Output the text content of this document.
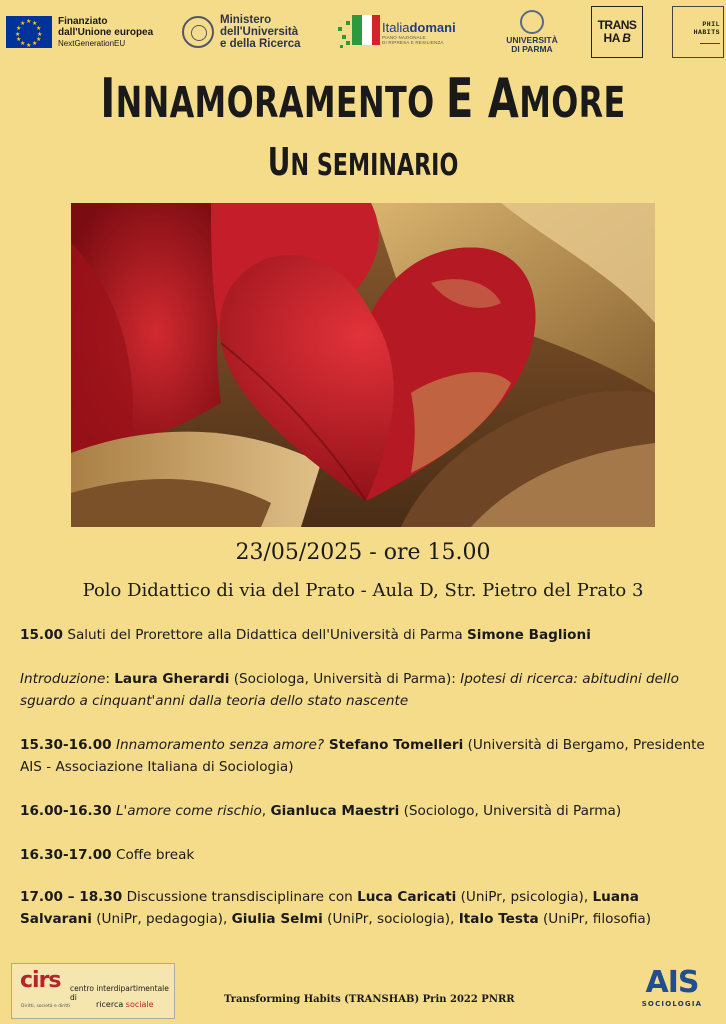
★ ★
★
★
★
★
★
★
★
★
★
★	Finanziato
dall'Unione europea
NextGenerationEU
Ministero
dell'Università
e della Ricerca
Italiadomani
PIANO NAZIONALE
DI RIPRESA E RESILIENZA	UNIVERSITÀ
DI PARMA
TRANS
HA B
PHIL
HABITS
INNAMORAMENTO E AMORE
UN SEMINARIO
23/05/2025 - ore 15.00
Polo Didattico di via del Prato - Aula D, Str. Pietro del Prato 3

15.00 Saluti del Prorettore alla Didattica dell'Università di Parma Simone Baglioni

Introduzione: Laura Gherardi (Sociologa, Università di Parma): Ipotesi di ricerca: abitudini dello sguardo a cinquant'anni dalla teoria dello stato nascente

15.30-16.00 Innamoramento senza amore? Stefano Tomelleri (Università di Bergamo, Presidente AIS - Associazione Italiana di Sociologia)

16.00-16.30 L'amore come rischio, Gianluca Maestri (Sociologo, Università di Parma)

16.30-17.00 Coffe break

17.00 – 18.30 Discussione transdisciplinare con Luca Caricati (UniPr, psicologia), Luana Salvarani (UniPr, pedagogia), Giulia Selmi (UniPr, sociologia), Italo Testa (UniPr, filosofia)

cirs	centro interdipartimentale di
ricerca sociale
Diritti, società e diritti
Transforming Habits (TRANSHAB) Prin 2022 PNRR	AIS
SOCIOLOGIA
